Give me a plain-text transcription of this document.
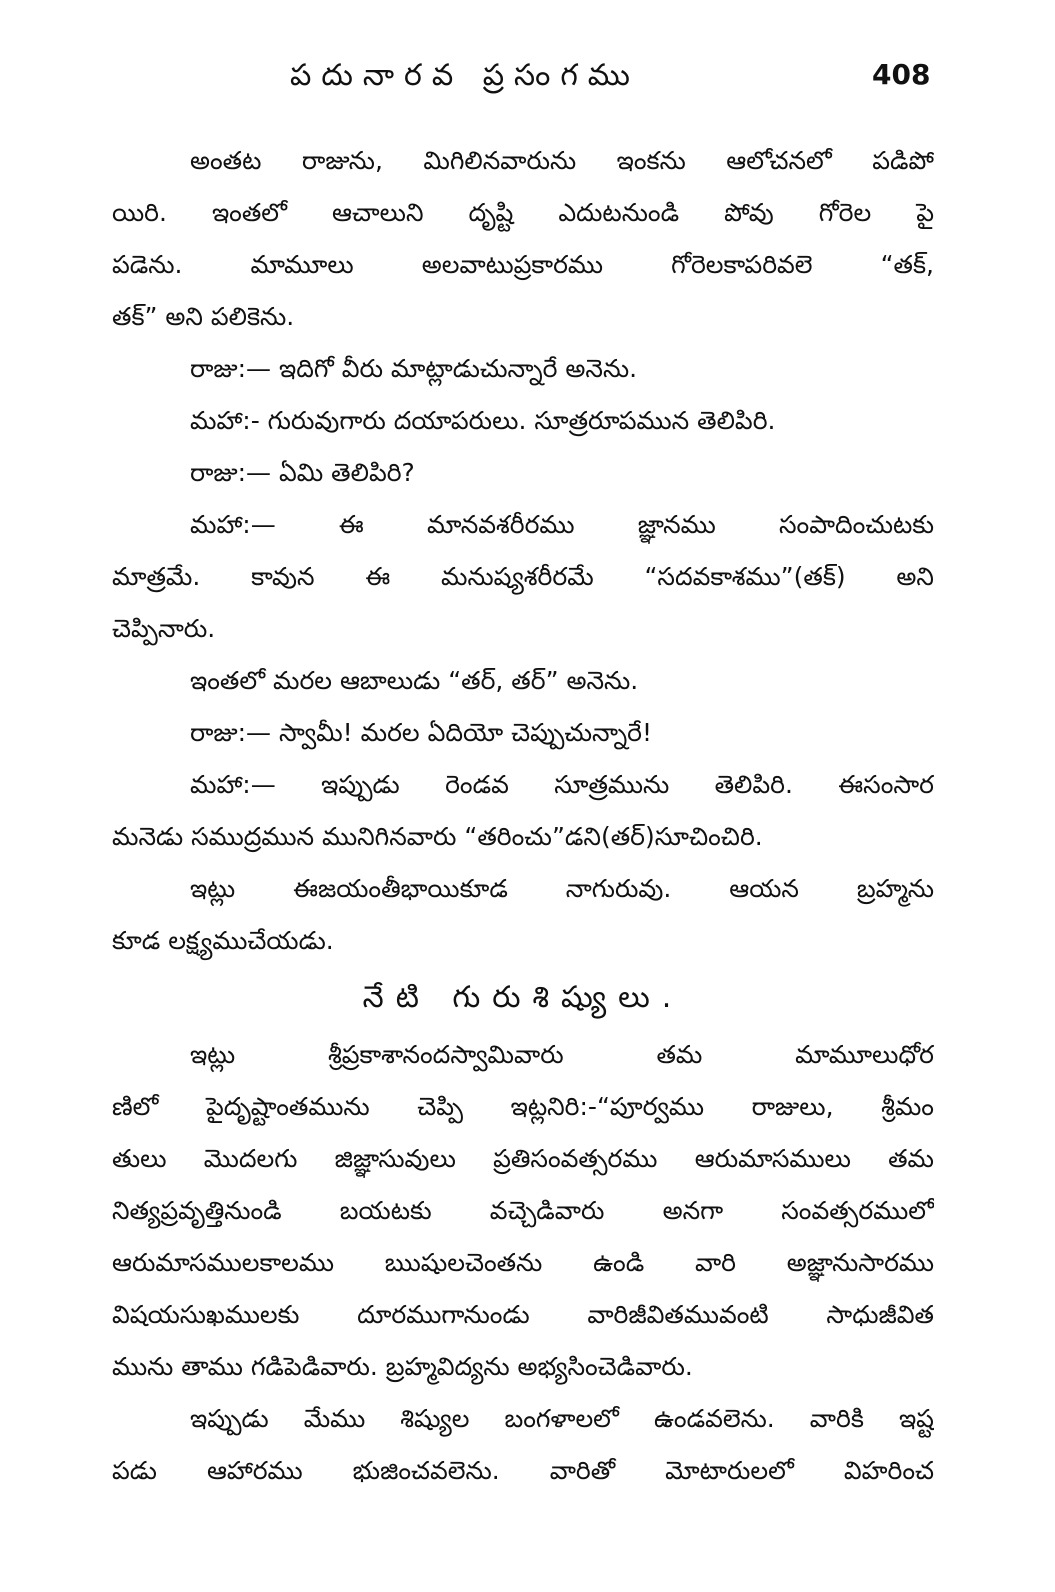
పదునారవ ప్రసంగము	408
అంతట రాజును, మిగిలినవారును ఇంకను ఆలోచనలో పడిపో
యిరి. ఇంతలో ఆచాలుని దృష్టి ఎదుటనుండి పోవు గోరెల పై
పడెను. మామూలు అలవాటుప్రకారము గోరెలకాపరివలె “తక్,
తక్” అని పలికెను.
రాజు:— ఇదిగో వీరు మాట్లాడుచున్నారే అనెను.
మహా:- గురువుగారు దయాపరులు. సూత్రరూపమున తెలిపిరి.
రాజు:— ఏమి తెలిపిరి?
మహా:— ఈ మానవశరీరము జ్ఞానము సంపాదించుటకు
మాత్రమే. కావున ఈ మనుష్యశరీరమే “సదవకాశము”(తక్) అని
చెప్పినారు.
ఇంతలో మరల ఆబాలుడు “తర్, తర్” అనెను.
రాజు:— స్వామీ! మరల ఏదియో చెప్పుచున్నారే!
మహా:— ఇప్పుడు రెండవ సూత్రమును తెలిపిరి. ఈసంసార
మనెడు సముద్రమున మునిగినవారు “తరించు”డని(తర్)సూచించిరి.
ఇట్లు ఈజయంతీభాయికూడ నాగురువు. ఆయన బ్రహ్మను
కూడ లక్ష్యముచేయడు.
నేటి గురుశిష్యులు.
ఇట్లు శ్రీప్రకాశానందస్వామివారు తమ మామూలుధోర
ణిలో పైదృష్టాంతమును చెప్పి ఇట్లనిరి:-“పూర్వము రాజులు, శ్రీమం
తులు మొదలగు జిజ్ఞాసువులు ప్రతిసంవత్సరము ఆరుమాసములు తమ
నిత్యప్రవృత్తినుండి బయటకు వచ్చెడివారు అనగా సంవత్సరములో
ఆరుమాసములకాలము ఋషులచెంతను ఉండి వారి అజ్ఞానుసారము
విషయసుఖములకు దూరముగానుండు వారిజీవితమువంటి సాధుజీవిత
మును తాము గడిపెడివారు. బ్రహ్మవిద్యను అభ్యసించెడివారు.
ఇప్పుడు మేము శిష్యుల బంగళాలలో ఉండవలెను. వారికి ఇష్ట
పడు ఆహారము భుజించవలెను. వారితో మోటారులలో విహరించ
